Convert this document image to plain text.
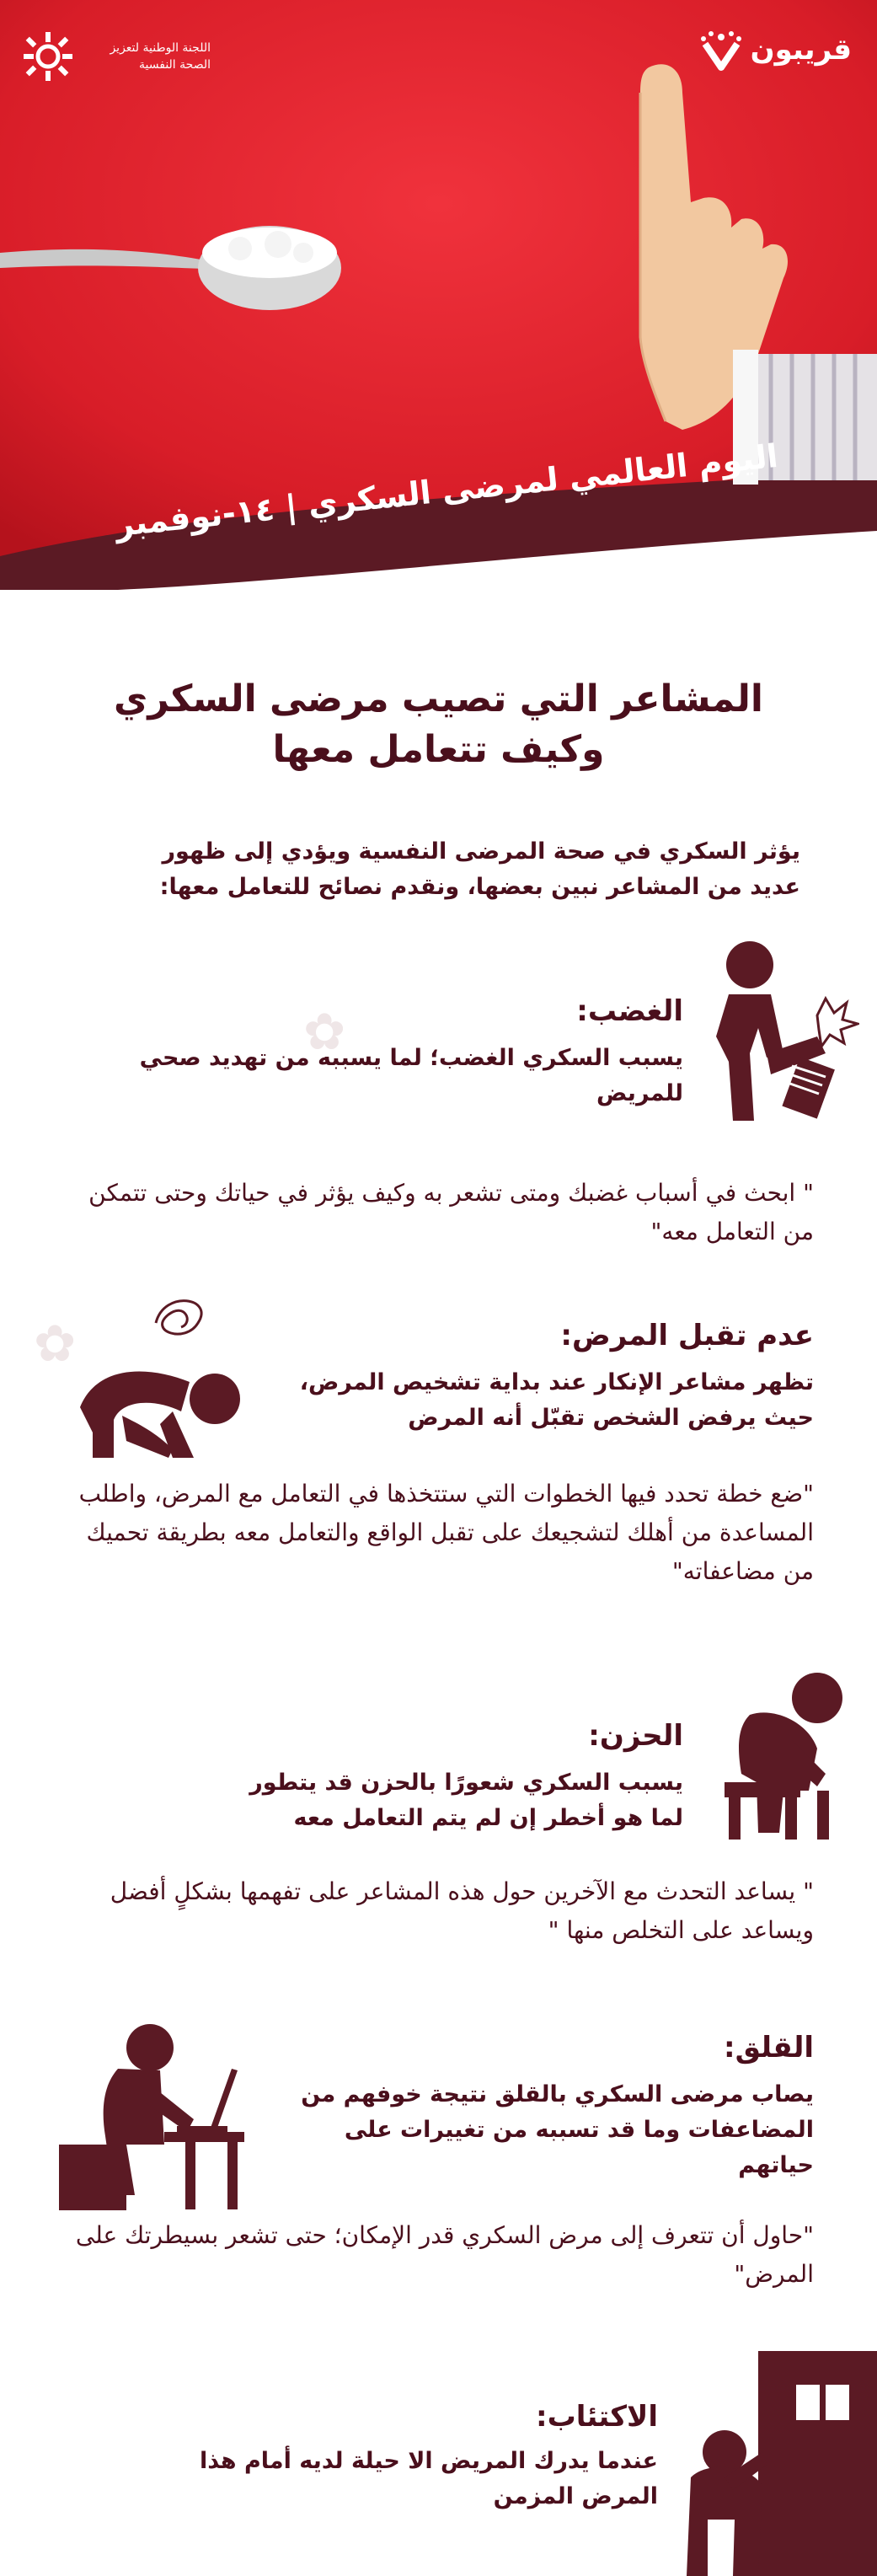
قريبون
اللجنة الوطنية لتعزيز الصحة النفسية
اليوم العالمي لمرضى السكري | ١٤-نوفمبر
المشاعر التي تصيب مرضى السكري
وكيف تتعامل معها
يؤثر السكري في صحة المرضى النفسية ويؤدي إلى ظهور عديد من المشاعر نبين بعضها، ونقدم نصائح للتعامل معها:
✿
✿
الغضب:
يسبب السكري الغضب؛ لما يسببه من تهديد صحي للمريض
" ابحث في أسباب غضبك ومتى تشعر به وكيف يؤثر في حياتك وحتى تتمكن من التعامل معه"
عدم تقبل المرض:
تظهر مشاعر الإنكار عند بداية تشخيص المرض، حيث يرفض الشخص تقبّل أنه المرض
"ضع خطة تحدد فيها الخطوات التي ستتخذها في التعامل مع المرض، واطلب المساعدة من أهلك لتشجيعك على تقبل الواقع والتعامل معه بطريقة تحميك من مضاعفاته"
الحزن:
يسبب السكري شعورًا بالحزن قد يتطور لما هو أخطر إن لم يتم التعامل معه
" يساعد التحدث مع الآخرين حول هذه المشاعر على تفهمها بشكلٍ أفضل ويساعد على التخلص منها "
القلق:
يصاب مرضى السكري بالقلق نتيجة خوفهم من المضاعفات وما قد تسببه من تغييرات على حياتهم
"حاول أن تتعرف إلى مرض السكري قدر الإمكان؛ حتى تشعر بسيطرتك على المرض"
الاكتئاب:
عندما يدرك المريض الا حيلة لديه أمام هذا المرض المزمن
